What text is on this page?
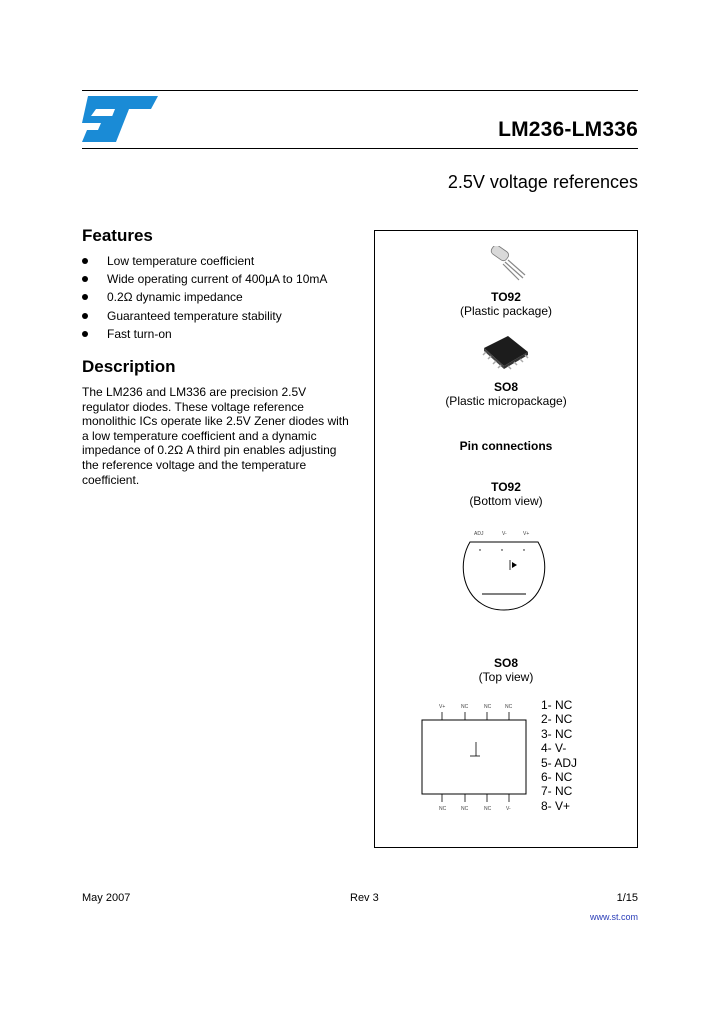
LM236-LM336
2.5V voltage references
Features
Low temperature coefficient
Wide operating current of 400µA to 10mA
0.2Ω dynamic impedance
Guaranteed temperature stability
Fast turn-on
Description
The LM236 and LM336 are precision 2.5V regulator diodes. These voltage reference monolithic ICs operate like 2.5V Zener diodes with a low temperature coefficient and a dynamic impedance of 0.2Ω A third pin enables adjusting the reference voltage and the temperature coefficient.
TO92
(Plastic package)
SO8
(Plastic micropackage)
Pin connections
TO92
(Bottom view)
ADJ	V-	V+
SO8
(Top view)
V+	NC	NC	NC
NC	NC	NC	V-
1- NC
2- NC
3- NC
4- V-
5- ADJ
6- NC
7- NC
8- V+
May 2007	Rev 3	1/15
www.st.com
